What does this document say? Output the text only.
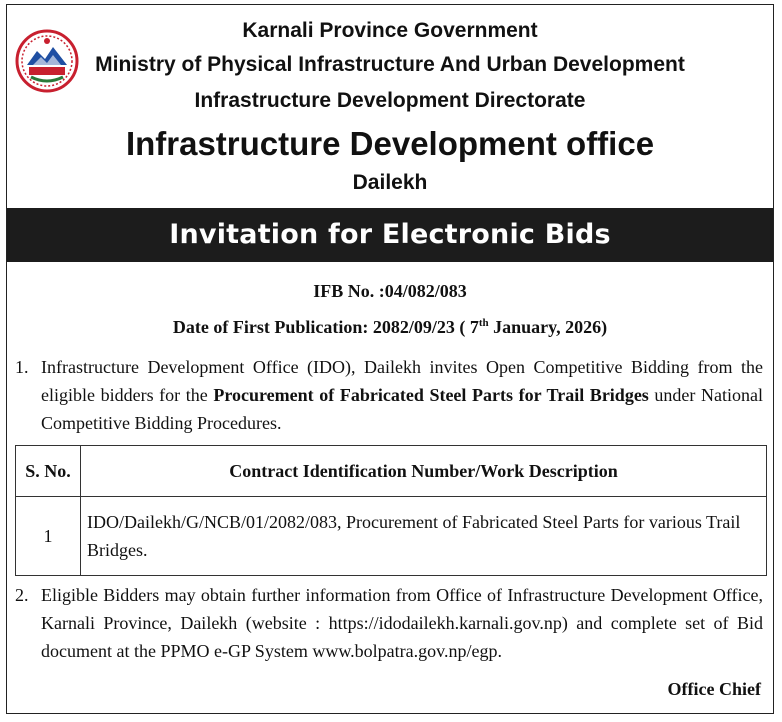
Karnali Province Government
Ministry of Physical Infrastructure And Urban Development
Infrastructure Development Directorate
Infrastructure Development office
Dailekh
Invitation for Electronic Bids
IFB No. :04/082/083
Date of First Publication: 2082/09/23 ( 7th January, 2026)
1. Infrastructure Development Office (IDO), Dailekh invites Open Competitive Bidding from the eligible bidders for the Procurement of Fabricated Steel Parts for Trail Bridges under National Competitive Bidding Procedures.
S. No.	Contract Identification Number/Work Description
1	IDO/Dailekh/G/NCB/01/2082/083, Procurement of Fabricated Steel Parts for various Trail Bridges.
2. Eligible Bidders may obtain further information from Office of Infrastructure Development Office, Karnali Province, Dailekh (website : https://idodailekh.karnali.gov.np) and complete set of Bid document at the PPMO e-GP System www.bolpatra.gov.np/egp.
Office Chief
